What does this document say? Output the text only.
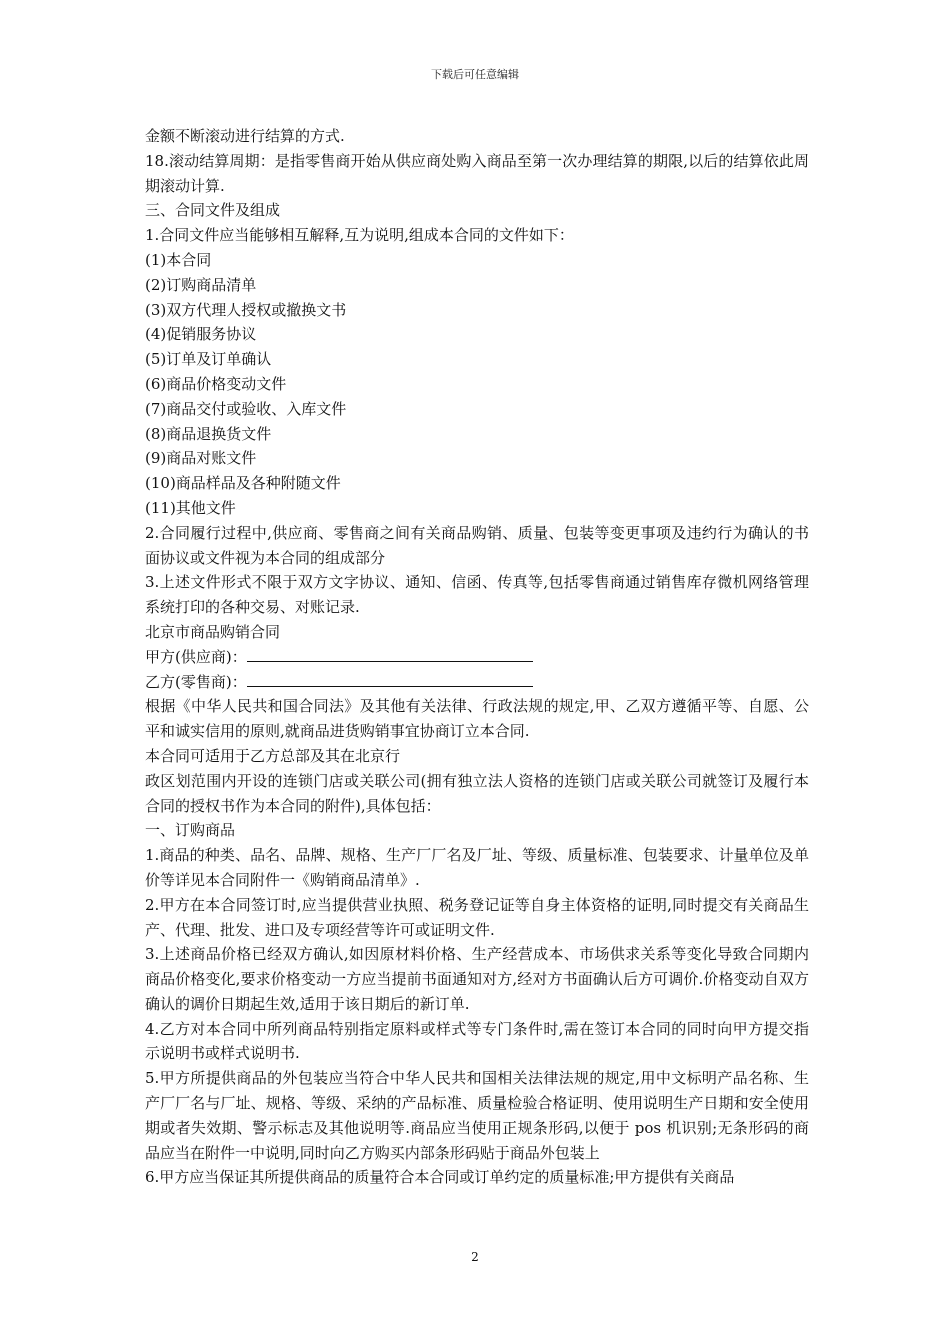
下载后可任意编辑

金额不断滚动进行结算的方式.

18.滚动结算周期：是指零售商开始从供应商处购入商品至第一次办理结算的期限,以后的结算依此周期滚动计算.

三、合同文件及组成

1.合同文件应当能够相互解释,互为说明,组成本合同的文件如下：

(1)本合同

(2)订购商品清单

(3)双方代理人授权或撤换文书

(4)促销服务协议

(5)订单及订单确认

(6)商品价格变动文件

(7)商品交付或验收、入库文件

(8)商品退换货文件

(9)商品对账文件

(10)商品样品及各种附随文件

(11)其他文件

2.合同履行过程中,供应商、零售商之间有关商品购销、质量、包装等变更事项及违约行为确认的书面协议或文件视为本合同的组成部分

3.上述文件形式不限于双方文字协议、通知、信函、传真等,包括零售商通过销售库存微机网络管理系统打印的各种交易、对账记录.

北京市商品购销合同

甲方(供应商)：

乙方(零售商)：

根据《中华人民共和国合同法》及其他有关法律、行政法规的规定,甲、乙双方遵循平等、自愿、公平和诚实信用的原则,就商品进货购销事宜协商订立本合同.

本合同可适用于乙方总部及其在北京行

政区划范围内开设的连锁门店或关联公司(拥有独立法人资格的连锁门店或关联公司就签订及履行本合同的授权书作为本合同的附件),具体包括：

一、订购商品

1.商品的种类、品名、品牌、规格、生产厂厂名及厂址、等级、质量标准、包装要求、计量单位及单价等详见本合同附件一《购销商品清单》.

2.甲方在本合同签订时,应当提供营业执照、税务登记证等自身主体资格的证明,同时提交有关商品生产、代理、批发、进口及专项经营等许可或证明文件.

3.上述商品价格已经双方确认,如因原材料价格、生产经营成本、市场供求关系等变化导致合同期内商品价格变化,要求价格变动一方应当提前书面通知对方,经对方书面确认后方可调价.价格变动自双方确认的调价日期起生效,适用于该日期后的新订单.

4.乙方对本合同中所列商品特别指定原料或样式等专门条件时,需在签订本合同的同时向甲方提交指示说明书或样式说明书.

5.甲方所提供商品的外包装应当符合中华人民共和国相关法律法规的规定,用中文标明产品名称、生产厂厂名与厂址、规格、等级、采纳的产品标准、质量检验合格证明、使用说明生产日期和安全使用期或者失效期、警示标志及其他说明等.商品应当使用正规条形码,以便于 pos 机识别;无条形码的商品应当在附件一中说明,同时向乙方购买内部条形码贴于商品外包装上

6.甲方应当保证其所提供商品的质量符合本合同或订单约定的质量标准;甲方提供有关商品

2
